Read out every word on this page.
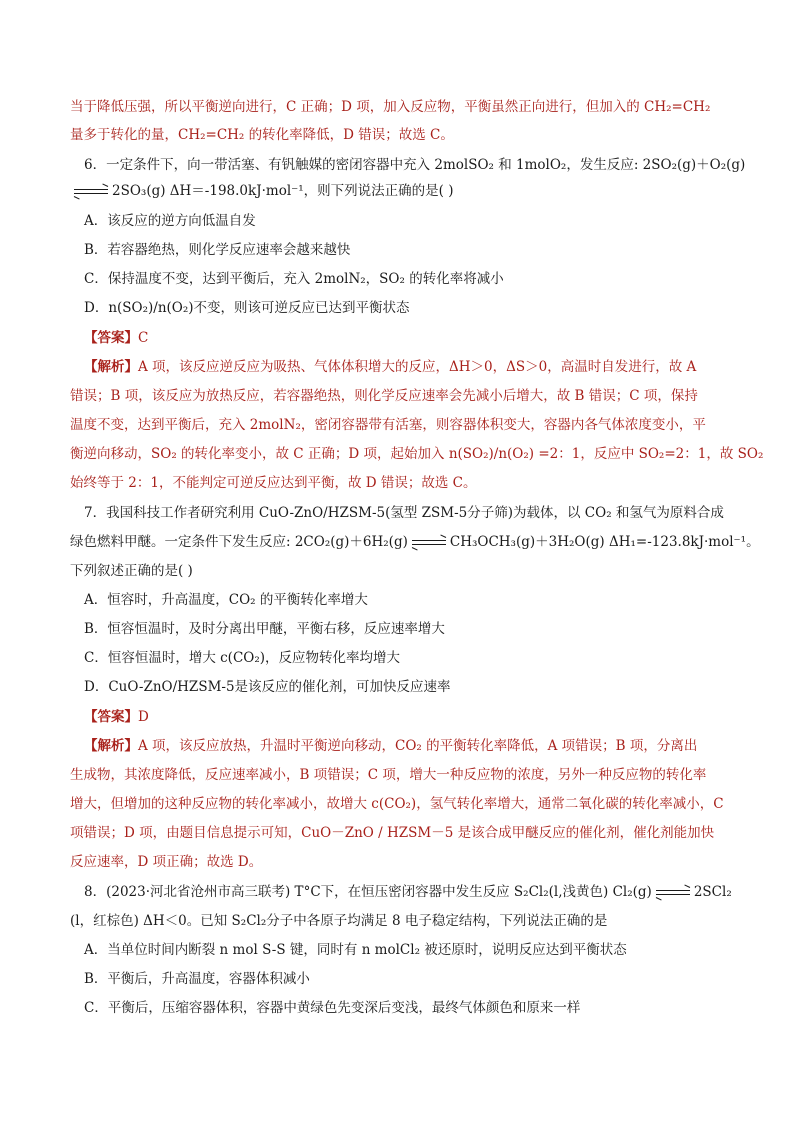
当于降低压强，所以平衡逆向进行，C 正确；D 项，加入反应物，平衡虽然正向进行，但加入的 CH₂=CH₂
量多于转化的量，CH₂=CH₂ 的转化率降低，D 错误；故选 C。
6．一定条件下，向一带活塞、有钒触媒的密闭容器中充入 2molSO₂ 和 1molO₂，发生反应: 2SO₂(g)＋O₂(g)
2SO₃(g) ΔH＝-198.0kJ·mol⁻¹，则下列说法正确的是( )
A．该反应的逆方向低温自发
B．若容器绝热，则化学反应速率会越来越快
C．保持温度不变，达到平衡后，充入 2molN₂，SO₂ 的转化率将减小
D．n(SO₂)/n(O₂)不变，则该可逆反应已达到平衡状态
【答案】C
【解析】A 项，该反应逆反应为吸热、气体体积增大的反应，ΔH＞0，ΔS＞0，高温时自发进行，故 A
错误；B 项，该反应为放热反应，若容器绝热，则化学反应速率会先减小后增大，故 B 错误；C 项，保持
温度不变，达到平衡后，充入 2molN₂，密闭容器带有活塞，则容器体积变大，容器内各气体浓度变小，平
衡逆向移动，SO₂ 的转化率变小，故 C 正确；D 项，起始加入 n(SO₂)/n(O₂) =2：1，反应中 SO₂=2：1，故 SO₂
始终等于 2：1，不能判定可逆反应达到平衡，故 D 错误；故选 C。
7．我国科技工作者研究利用 CuO-ZnO/HZSM-5(氢型 ZSM-5分子筛)为载体，以 CO₂ 和氢气为原料合成
绿色燃料甲醚。一定条件下发生反应: 2CO₂(g)＋6H₂(g)	CH₃OCH₃(g)＋3H₂O(g) ΔH₁=-123.8kJ·mol⁻¹。
下列叙述正确的是( )
A．恒容时，升高温度，CO₂ 的平衡转化率增大
B．恒容恒温时，及时分离出甲醚，平衡右移，反应速率增大
C．恒容恒温时，增大 c(CO₂)，反应物转化率均增大
D．CuO-ZnO/HZSM-5是该反应的催化剂，可加快反应速率
【答案】D
【解析】A 项，该反应放热，升温时平衡逆向移动，CO₂ 的平衡转化率降低，A 项错误；B 项，分离出
生成物，其浓度降低，反应速率减小，B 项错误；C 项，增大一种反应物的浓度，另外一种反应物的转化率
增大，但增加的这种反应物的转化率减小，故增大 c(CO₂)，氢气转化率增大，通常二氧化碳的转化率减小，C
项错误；D 项，由题目信息提示可知，CuO－ZnO / HZSM－5 是该合成甲醚反应的催化剂，催化剂能加快
反应速率，D 项正确；故选 D。
8．(2023·河北省沧州市高三联考) T°C下，在恒压密闭容器中发生反应 S₂Cl₂(l,浅黄色) Cl₂(g)	2SCl₂
(l，红棕色) ΔH＜0。已知 S₂Cl₂分子中各原子均满足 8 电子稳定结构，下列说法正确的是
A．当单位时间内断裂 n mol S-S 键，同时有 n molCl₂ 被还原时，说明反应达到平衡状态
B．平衡后，升高温度，容器体积减小
C．平衡后，压缩容器体积，容器中黄绿色先变深后变浅，最终气体颜色和原来一样
